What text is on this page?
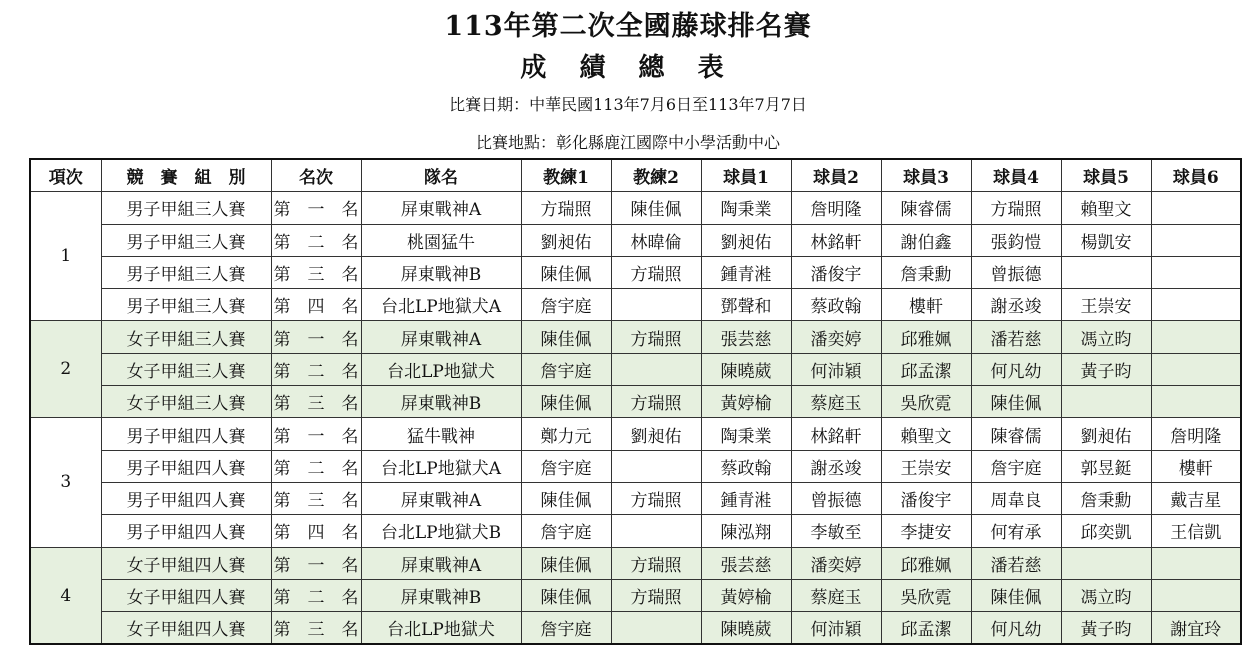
113年第二次全國藤球排名賽
成 績 總 表
比賽日期：中華民國113年7月6日至113年7月7日
比賽地點：彰化縣鹿江國際中小學活動中心
項次	競　賽　組　別	名次	隊名	教練1	教練2	球員1	球員2	球員3	球員4	球員5	球員6
1	男子甲組三人賽	第　一　名	屏東戰神A	方瑞照	陳佳佩	陶秉業	詹明隆	陳睿儒	方瑞照	賴聖文	
	男子甲組三人賽	第　二　名	桃園猛牛	劉昶佑	林暐倫	劉昶佑	林銘軒	謝伯鑫	張鈞愷	楊凱安	
	男子甲組三人賽	第　三　名	屏東戰神B	陳佳佩	方瑞照	鍾青溎	潘俊宇	詹秉勳	曾振德		
	男子甲組三人賽	第　四　名	台北LP地獄犬A	詹宇庭		鄧聲和	蔡政翰	樓軒	謝丞竣	王崇安	
2	女子甲組三人賽	第　一　名	屏東戰神A	陳佳佩	方瑞照	張芸慈	潘奕婷	邱雅姵	潘若慈	馮立昀	
	女子甲組三人賽	第　二　名	台北LP地獄犬	詹宇庭		陳曉葳	何沛穎	邱孟潔	何凡幼	黃子昀	
	女子甲組三人賽	第　三　名	屏東戰神B	陳佳佩	方瑞照	黃婷榆	蔡庭玉	吳欣霓	陳佳佩		
3	男子甲組四人賽	第　一　名	猛牛戰神	鄭力元	劉昶佑	陶秉業	林銘軒	賴聖文	陳睿儒	劉昶佑	詹明隆
	男子甲組四人賽	第　二　名	台北LP地獄犬A	詹宇庭		蔡政翰	謝丞竣	王崇安	詹宇庭	郭昱鋌	樓軒
	男子甲組四人賽	第　三　名	屏東戰神A	陳佳佩	方瑞照	鍾青溎	曾振德	潘俊宇	周韋良	詹秉勳	戴吉星
	男子甲組四人賽	第　四　名	台北LP地獄犬B	詹宇庭		陳泓翔	李敏至	李捷安	何宥承	邱奕凱	王信凱
4	女子甲組四人賽	第　一　名	屏東戰神A	陳佳佩	方瑞照	張芸慈	潘奕婷	邱雅姵	潘若慈		
	女子甲組四人賽	第　二　名	屏東戰神B	陳佳佩	方瑞照	黃婷榆	蔡庭玉	吳欣霓	陳佳佩	馮立昀	
	女子甲組四人賽	第　三　名	台北LP地獄犬	詹宇庭		陳曉葳	何沛穎	邱孟潔	何凡幼	黃子昀	謝宜玲
